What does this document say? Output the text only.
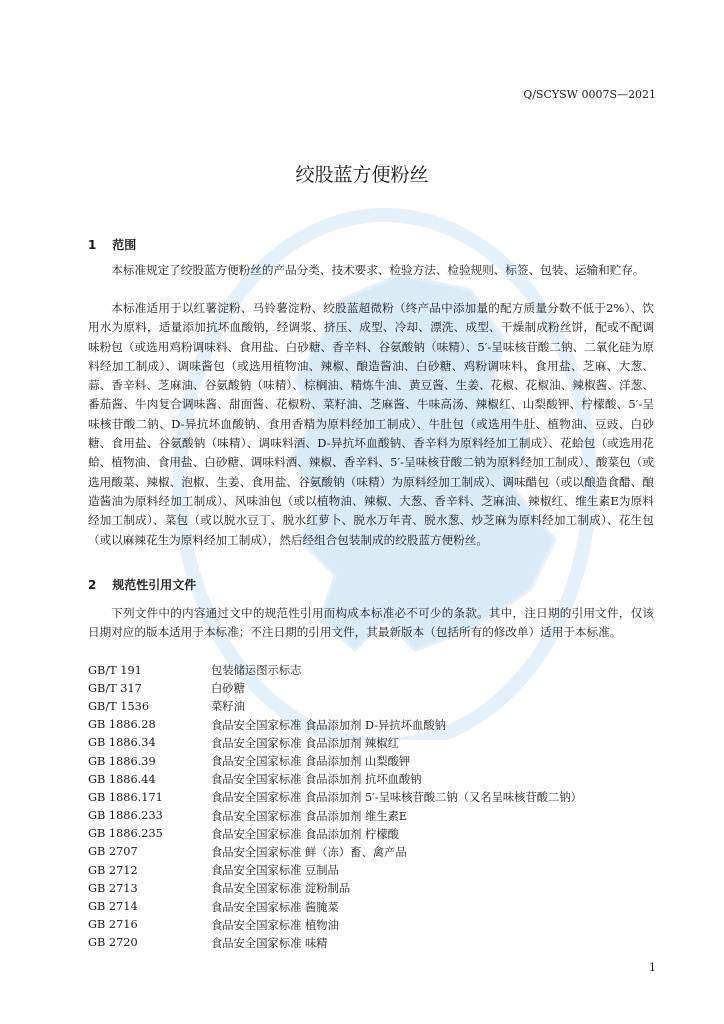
Q/SCYSW 0007S—2021
绞股蓝方便粉丝
1 范围

本标准规定了绞股蓝方便粉丝的产品分类、技术要求、检验方法、检验规则、标签、包装、运输和贮存。

本标准适用于以红薯淀粉、马铃薯淀粉、绞股蓝超微粉（终产品中添加量的配方质量分数不低于2%）、饮用水为原料，适量添加抗坏血酸钠，经调浆、挤压、成型、冷却、漂洗、成型、干燥制成粉丝饼，配或不配调味粉包（或选用鸡粉调味料、食用盐、白砂糖、香辛料、谷氨酸钠（味精）、5′-呈味核苷酸二钠、二氧化硅为原料经加工制成）、调味酱包（或选用植物油、辣椒、酿造酱油、白砂糖、鸡粉调味料、食用盐、芝麻、大葱、蒜、香辛料、芝麻油、谷氨酸钠（味精）、棕榈油、精炼牛油、黄豆酱、生姜、花椒、花椒油、辣椒酱、洋葱、番茄酱、牛肉复合调味酱、甜面酱、花椒粉、菜籽油、芝麻酱、牛味高汤、辣椒红、山梨酸钾、柠檬酸、5′-呈味核苷酸二钠、D-异抗坏血酸钠、食用香精为原料经加工制成）、牛肚包（或选用牛肚、植物油、豆豉、白砂糖、食用盐、谷氨酸钠（味精）、调味料酒、D-异抗坏血酸钠、香辛料为原料经加工制成）、花蛤包（或选用花蛤、植物油、食用盐、白砂糖、调味料酒、辣椒、香辛料、5′-呈味核苷酸二钠为原料经加工制成）、酸菜包（或选用酸菜、辣椒、泡椒、生姜、食用盐、谷氨酸钠（味精）为原料经加工制成）、调味醋包（或以酿造食醋、酿造酱油为原料经加工制成）、风味油包（或以植物油、辣椒、大葱、香辛料、芝麻油、辣椒红、维生素E为原料经加工制成）、菜包（或以脱水豆丁、脱水红萝卜、脱水万年青、脱水葱、炒芝麻为原料经加工制成）、花生包（或以麻辣花生为原料经加工制成），然后经组合包装制成的绞股蓝方便粉丝。

2 规范性引用文件

下列文件中的内容通过文中的规范性引用而构成本标准必不可少的条款。其中，注日期的引用文件，仅该日期对应的版本适用于本标准；不注日期的引用文件，其最新版本（包括所有的修改单）适用于本标准。

GB/T 191	包装储运图示标志
GB/T 317	白砂糖
GB/T 1536	菜籽油
GB 1886.28	食品安全国家标准 食品添加剂 D-异抗坏血酸钠
GB 1886.34	食品安全国家标准 食品添加剂 辣椒红
GB 1886.39	食品安全国家标准 食品添加剂 山梨酸钾
GB 1886.44	食品安全国家标准 食品添加剂 抗坏血酸钠
GB 1886.171	食品安全国家标准 食品添加剂 5′-呈味核苷酸二钠（又名呈味核苷酸二钠）
GB 1886.233	食品安全国家标准 食品添加剂 维生素E
GB 1886.235	食品安全国家标准 食品添加剂 柠檬酸
GB 2707	食品安全国家标准 鲜（冻）畜、禽产品
GB 2712	食品安全国家标准 豆制品
GB 2713	食品安全国家标准 淀粉制品
GB 2714	食品安全国家标准 酱腌菜
GB 2716	食品安全国家标准 植物油
GB 2720	食品安全国家标准 味精
1
